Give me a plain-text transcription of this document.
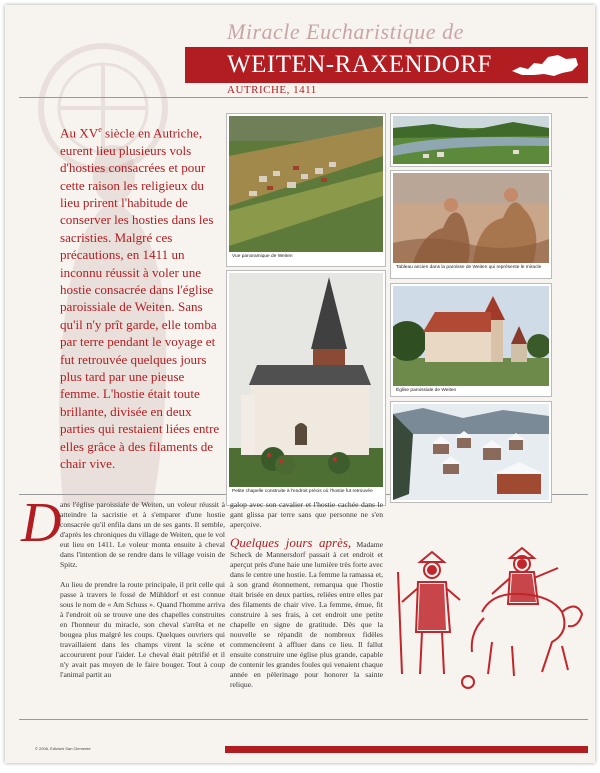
Miracle Eucharistique de
WEITEN-RAXENDORF
AUTRICHE, 1411

Au XVe siècle en Autriche, eurent lieu plusieurs vols d'hosties consacrées et pour cette raison les religieux du lieu prirent l'habitude de conserver les hosties dans les sacristies. Malgré ces précautions, en 1411 un inconnu réussit à voler une hostie consacrée dans l'église paroissiale de Weiten. Sans qu'il n'y prît garde, elle tomba par terre pendant le voyage et fut retrouvée quelques jours plus tard par une pieuse femme. L'hostie était toute brillante, divisée en deux parties qui restaient liées entre elles grâce à des filaments de chair vive.

Vue panoramique de Weiten
Tableau ancien dans la paroisse de Weiten qui représente le miracle
Petite chapelle construite à l'endroit précis où l'hostie fut retrouvée
Église paroissiale de Weiten
D

ans l'église paroissiale de Weiten, un voleur réussit à atteindre la sacristie et à s'emparer d'une hostie consacrée qu'il enfila dans un de ses gants. Il semble, d'après les chroniques du village de Weiten, que le vol eut lieu en 1411. Le voleur monta ensuite à cheval dans l'intention de se rendre dans le village voisin de Spitz.

Au lieu de prendre la route principale, il prit celle qui passe à travers le fossé de Mühldorf et est connue sous le nom de « Am Schuss ». Quand l'homme arriva à l'endroit où se trouve une des chapelles construites en l'honneur du miracle, son cheval s'arrêta et ne bougea plus malgré les coups. Quelques ouvriers qui travaillaient dans les champs virent la scène et accoururent pour l'aider. Le cheval était pétrifié et il n'y avait pas moyen de le faire bouger. Tout à coup l'animal partit au

galop avec son cavalier et l'hostie cachée dans le gant glissa par terre sans que personne ne s'en aperçoive.

Quelques jours après, Madame Scheck de Mannersdorf passait à cet endroit et aperçut près d'une haie une lumière très forte avec dans le centre une hostie. La femme la ramassa et, à son grand étonnement, remarqua que l'hostie était brisée en deux parties, reliées entre elles par des filaments de chair vive. La femme, émue, fit construire à ses frais, à cet endroit une petite chapelle en signe de gratitude. Dès que la nouvelle se répandit de nombreux fidèles commencèrent à affluer dans ce lieu. Il fallut ensuite construire une église plus grande, capable de contenir les grandes foules qui venaient chaque année en pèlerinage pour honorer la sainte relique.

© 2006, Edizioni San Clemente
